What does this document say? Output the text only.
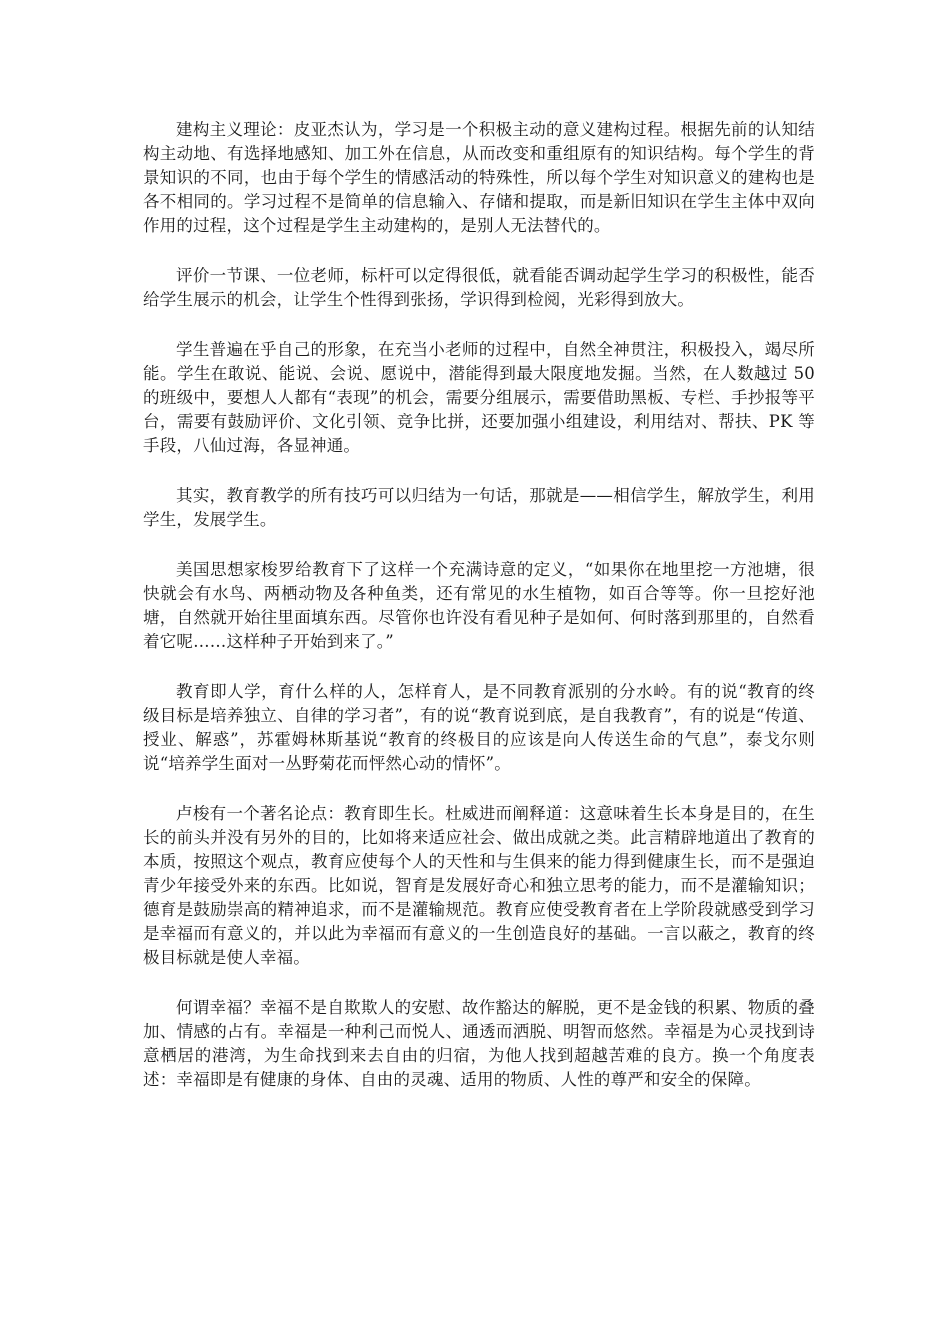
建构主义理论：皮亚杰认为，学习是一个积极主动的意义建构过程。根据先前的认知结构主动地、有选择地感知、加工外在信息，从而改变和重组原有的知识结构。每个学生的背景知识的不同，也由于每个学生的情感活动的特殊性，所以每个学生对知识意义的建构也是各不相同的。学习过程不是简单的信息输入、存储和提取，而是新旧知识在学生主体中双向作用的过程，这个过程是学生主动建构的，是别人无法替代的。

评价一节课、一位老师，标杆可以定得很低，就看能否调动起学生学习的积极性，能否给学生展示的机会，让学生个性得到张扬，学识得到检阅，光彩得到放大。

学生普遍在乎自己的形象，在充当小老师的过程中，自然全神贯注，积极投入，竭尽所能。学生在敢说、能说、会说、愿说中，潜能得到最大限度地发掘。当然，在人数越过 50 的班级中，要想人人都有“表现”的机会，需要分组展示，需要借助黑板、专栏、手抄报等平台，需要有鼓励评价、文化引领、竞争比拼，还要加强小组建设，利用结对、帮扶、PK 等手段，八仙过海，各显神通。

其实，教育教学的所有技巧可以归结为一句话，那就是——相信学生，解放学生，利用学生，发展学生。

美国思想家梭罗给教育下了这样一个充满诗意的定义，“如果你在地里挖一方池塘，很快就会有水鸟、两栖动物及各种鱼类，还有常见的水生植物，如百合等等。你一旦挖好池塘，自然就开始往里面填东西。尽管你也许没有看见种子是如何、何时落到那里的，自然看着它呢……这样种子开始到来了。”

教育即人学，育什么样的人，怎样育人，是不同教育派别的分水岭。有的说“教育的终级目标是培养独立、自律的学习者”，有的说“教育说到底，是自我教育”，有的说是“传道、授业、解惑”，苏霍姆林斯基说“教育的终极目的应该是向人传送生命的气息”，泰戈尔则说“培养学生面对一丛野菊花而怦然心动的情怀”。

卢梭有一个著名论点：教育即生长。杜威进而阐释道：这意味着生长本身是目的，在生长的前头并没有另外的目的，比如将来适应社会、做出成就之类。此言精辟地道出了教育的本质，按照这个观点，教育应使每个人的天性和与生俱来的能力得到健康生长，而不是强迫青少年接受外来的东西。比如说，智育是发展好奇心和独立思考的能力，而不是灌输知识；德育是鼓励崇高的精神追求，而不是灌输规范。教育应使受教育者在上学阶段就感受到学习是幸福而有意义的，并以此为幸福而有意义的一生创造良好的基础。一言以蔽之，教育的终极目标就是使人幸福。

何谓幸福？幸福不是自欺欺人的安慰、故作豁达的解脱，更不是金钱的积累、物质的叠加、情感的占有。幸福是一种利己而悦人、通透而洒脱、明智而悠然。幸福是为心灵找到诗意栖居的港湾，为生命找到来去自由的归宿，为他人找到超越苦难的良方。换一个角度表述：幸福即是有健康的身体、自由的灵魂、适用的物质、人性的尊严和安全的保障。
